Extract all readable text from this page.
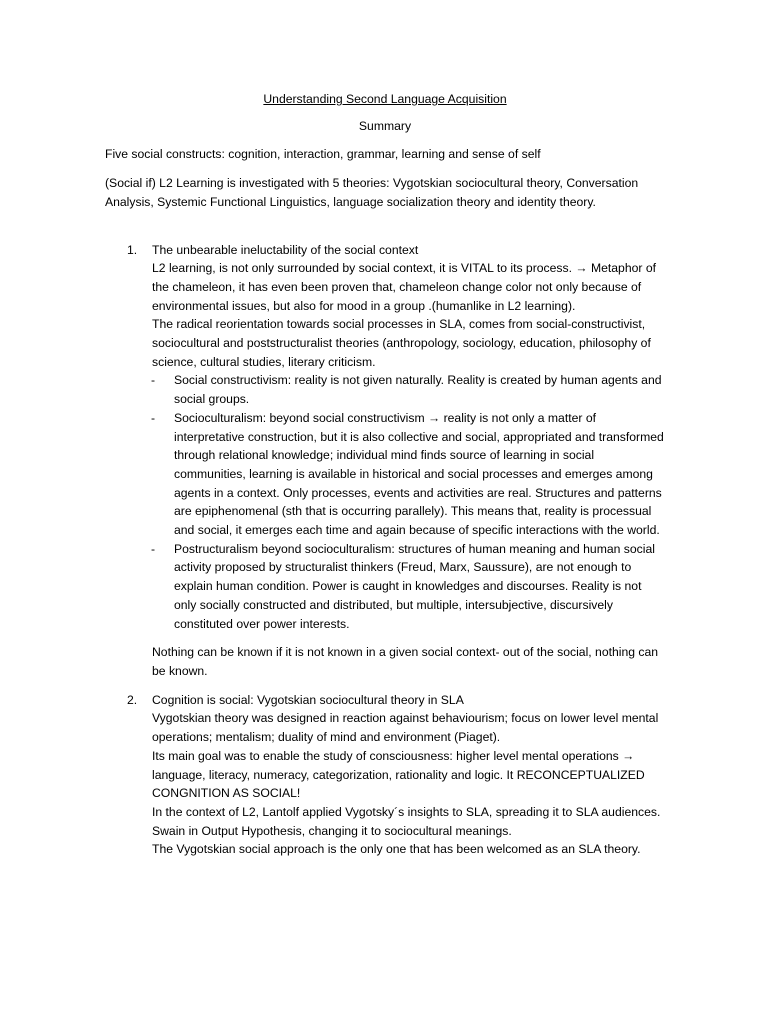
Understanding Second Language Acquisition

Summary

Five social constructs: cognition, interaction, grammar, learning and sense of self

(Social if) L2 Learning is investigated with 5 theories: Vygotskian sociocultural theory, Conversation Analysis, Systemic Functional Linguistics, language socialization theory and identity theory.

1. The unbearable ineluctability of the social context

L2 learning, is not only surrounded by social context, it is VITAL to its process. → Metaphor of the chameleon, it has even been proven that, chameleon change color not only because of environmental issues, but also for mood in a group .(humanlike in L2 learning).

The radical reorientation towards social processes in SLA, comes from social-constructivist, sociocultural and poststructuralist theories (anthropology, sociology, education, philosophy of science, cultural studies, literary criticism.

- Social constructivism: reality is not given naturally. Reality is created by human agents and social groups.
- Socioculturalism: beyond social constructivism → reality is not only a matter of interpretative construction, but it is also collective and social, appropriated and transformed through relational knowledge; individual mind finds source of learning in social communities, learning is available in historical and social processes and emerges among agents in a context. Only processes, events and activities are real. Structures and patterns are epiphenomenal (sth that is occurring parallely). This means that, reality is processual and social, it emerges each time and again because of specific interactions with the world.
- Postructuralism beyond socioculturalism: structures of human meaning and human social activity proposed by structuralist thinkers (Freud, Marx, Saussure), are not enough to explain human condition. Power is caught in knowledges and discourses. Reality is not only socially constructed and distributed, but multiple, intersubjective, discursively constituted over power interests.

Nothing can be known if it is not known in a given social context- out of the social, nothing can be known.

2. Cognition is social: Vygotskian sociocultural theory in SLA

Vygotskian theory was designed in reaction against behaviourism; focus on lower level mental operations; mentalism; duality of mind and environment (Piaget).

Its main goal was to enable the study of consciousness: higher level mental operations → language, literacy, numeracy, categorization, rationality and logic. It RECONCEPTUALIZED CONGNITION AS SOCIAL!

In the context of L2, Lantolf applied Vygotsky´s insights to SLA, spreading it to SLA audiences. Swain in Output Hypothesis, changing it to sociocultural meanings.

The Vygotskian social approach is the only one that has been welcomed as an SLA theory.
